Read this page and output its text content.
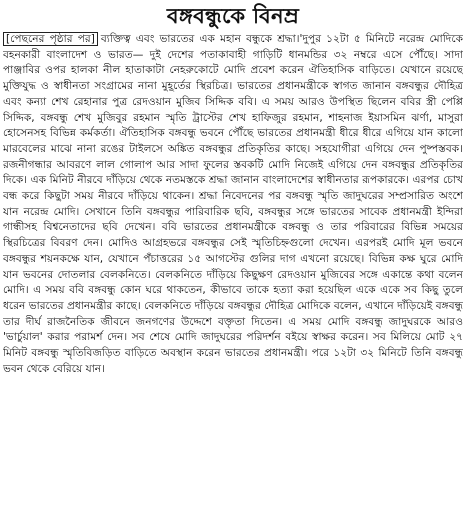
বঙ্গবন্ধুকে বিনম্র

[পেছনের পৃষ্ঠার পর] ব্যক্তিত্ব এবং ভারতের এক মহান বন্ধুকে শ্রদ্ধা।'দুপুর ১২টা ৫ মিনিটে নরেন্দ্র মোদিকে বহনকারী বাংলাদেশ ও ভারত— দুই দেশের পতাকাবাহী গাড়িটি ধানমন্ডির ৩২ নম্বরে এসে পৌঁছে। সাদা পাঞ্জাবির ওপর হালকা নীল হাতাকাটা নেহরুকোটে মোদি প্রবেশ করেন ঐতিহাসিক বাড়িতে। যেখানে রয়েছে মুক্তিযুদ্ধ ও স্বাধীনতা সংগ্রামের নানা মুহূর্তের স্থিরচিত্র। ভারতের প্রধানমন্ত্রীকে স্বাগত জানান বঙ্গবন্ধুর দৌহিত্র এবং কন্যা শেখ রেহানার পুত্র রেদওয়ান মুজিব সিদ্দিক ববি। এ সময় আরও উপস্থিত ছিলেন ববির স্ত্রী পেপ্পি সিদ্দিক, বঙ্গবন্ধু শেখ মুজিবুর রহমান স্মৃতি ট্রাস্টের শেখ হাফিজুর রহমান, শাহনাজ ইয়াসমিন ঝর্ণা, মাসুরা হোসেনসহ বিভিন্ন কর্মকর্তা। ঐতিহাসিক বঙ্গবন্ধু ভবনে পৌঁছে ভারতের প্রধানমন্ত্রী ধীরে ধীরে এগিয়ে যান কালো মারবেলের মাঝে নানা রঙের টাইলসে অঙ্কিত বঙ্গবন্ধুর প্রতিকৃতির কাছে। সহযোগীরা এগিয়ে দেন পুষ্পস্তবক। রজনীগন্ধার আবরণে লাল গোলাপ আর সাদা ফুলের স্তবকটি মোদি নিজেই এগিয়ে দেন বঙ্গবন্ধুর প্রতিকৃতির দিকে। এক মিনিট নীরবে দাঁড়িয়ে থেকে নতমস্তকে শ্রদ্ধা জানান বাংলাদেশের স্বাধীনতার রূপকারকে। এরপর চোখ বন্ধ করে কিছুটা সময় নীরবে দাঁড়িয়ে থাকেন। শ্রদ্ধা নিবেদনের পর বঙ্গবন্ধু স্মৃতি জাদুঘরের সম্প্রসারিত অংশে যান নরেন্দ্র মোদি। সেখানে তিনি বঙ্গবন্ধুর পারিবারিক ছবি, বঙ্গবন্ধুর সঙ্গে ভারতের সাবেক প্রধানমন্ত্রী ইন্দিরা গান্ধীসহ বিশ্বনেতাদের ছবি দেখেন। ববি ভারতের প্রধানমন্ত্রীকে বঙ্গবন্ধু ও তার পরিবারের বিভিন্ন সময়ের স্থিরচিত্রের বিবরণ দেন। মোদিও আগ্রহভরে বঙ্গবন্ধুর সেই স্মৃতিচিহ্নগুলো দেখেন। এরপরই মোদি মূল ভবনে বঙ্গবন্ধুর শয়নকক্ষে যান, যেখানে পঁচাত্তরের ১৫ আগস্টের গুলির দাগ এখনো রয়েছে। বিভিন্ন কক্ষ ঘুরে মোদি যান ভবনের দোতলার বেলকনিতে। বেলকনিতে দাঁড়িয়ে কিছুক্ষণ রেদওয়ান মুজিবের সঙ্গে একান্তে কথা বলেন মোদি। এ সময় ববি বঙ্গবন্ধু কোন ঘরে থাকতেন, কীভাবে তাকে হত্যা করা হয়েছিল একে একে সব কিছু তুলে ধরেন ভারতের প্রধানমন্ত্রীর কাছে। বেলকনিতে দাঁড়িয়ে বঙ্গবন্ধুর দৌহিত্র মোদিকে বলেন, এখানে দাঁড়িয়েই বঙ্গবন্ধু তার দীর্ঘ রাজনৈতিক জীবনে জনগণের উদ্দেশে বক্তৃতা দিতেন। এ সময় মোদি বঙ্গবন্ধু জাদুঘরকে আরও 'ভার্চুয়াল' করার পরামর্শ দেন। সব শেষে মোদি জাদুঘরের পরিদর্শন বইয়ে স্বাক্ষর করেন। সব মিলিয়ে মোট ২৭ মিনিট বঙ্গবন্ধু স্মৃতিবিজড়িত বাড়িতে অবস্থান করেন ভারতের প্রধানমন্ত্রী। পরে ১২টা ৩২ মিনিটে তিনি বঙ্গবন্ধু ভবন থেকে বেরিয়ে যান।
